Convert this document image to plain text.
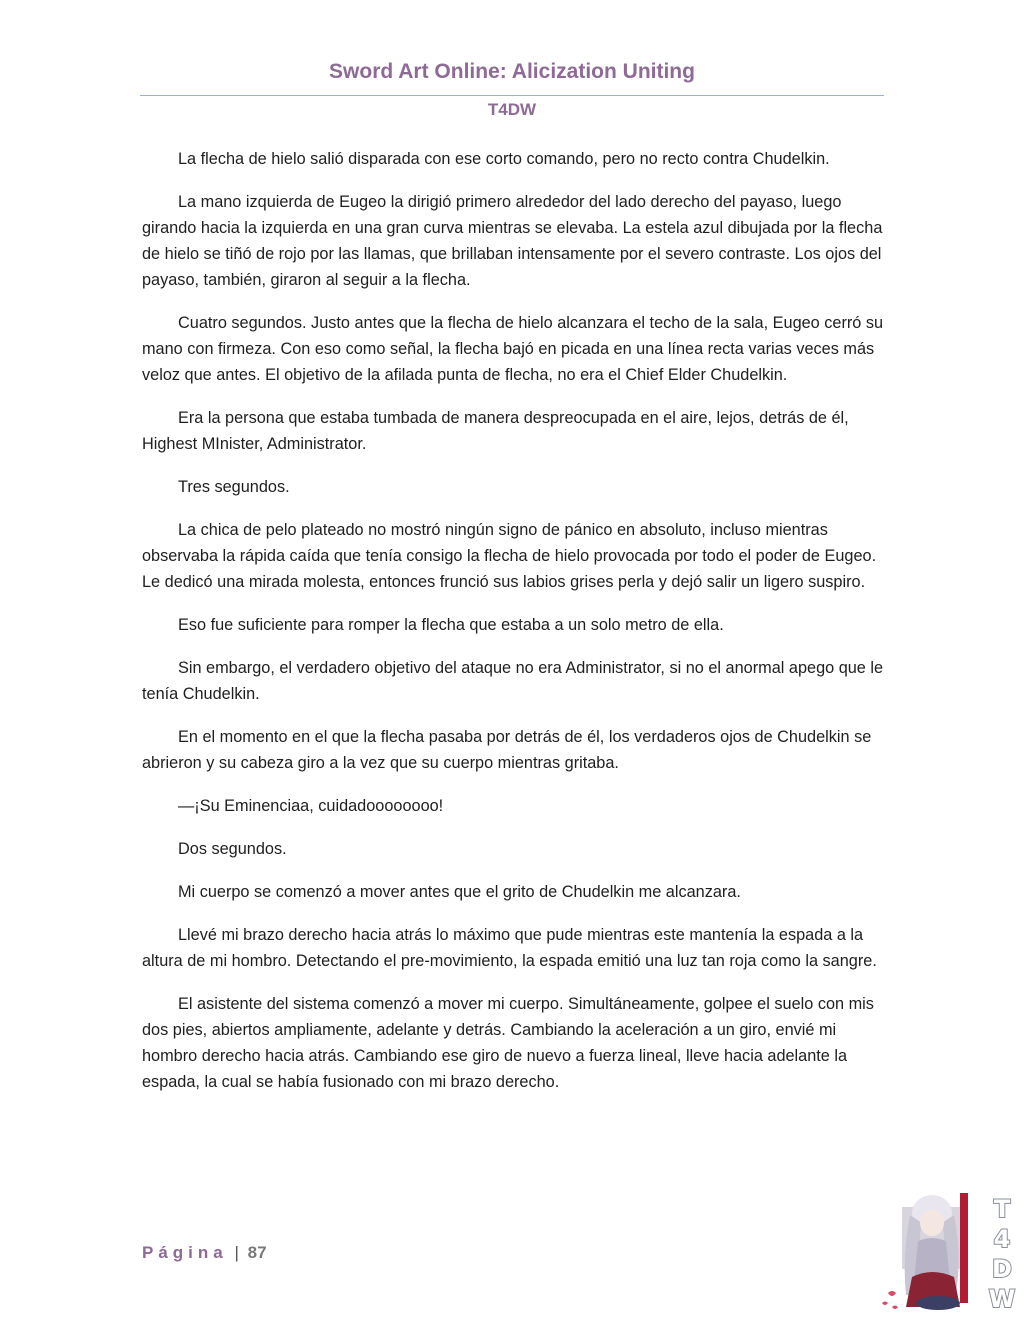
Sword Art Online: Alicization Uniting
T4DW

La flecha de hielo salió disparada con ese corto comando, pero no recto contra Chudelkin.

La mano izquierda de Eugeo la dirigió primero alrededor del lado derecho del payaso, luego girando hacia la izquierda en una gran curva mientras se elevaba. La estela azul dibujada por la flecha de hielo se tiñó de rojo por las llamas, que brillaban intensamente por el severo contraste. Los ojos del payaso, también, giraron al seguir a la flecha.

Cuatro segundos. Justo antes que la flecha de hielo alcanzara el techo de la sala, Eugeo cerró su mano con firmeza. Con eso como señal, la flecha bajó en picada en una línea recta varias veces más veloz que antes. El objetivo de la afilada punta de flecha, no era el Chief Elder Chudelkin.

Era la persona que estaba tumbada de manera despreocupada en el aire, lejos, detrás de él, Highest MInister, Administrator.

Tres segundos.

La chica de pelo plateado no mostró ningún signo de pánico en absoluto, incluso mientras observaba la rápida caída que tenía consigo la flecha de hielo provocada por todo el poder de Eugeo. Le dedicó una mirada molesta, entonces frunció sus labios grises perla y dejó salir un ligero suspiro.

Eso fue suficiente para romper la flecha que estaba a un solo metro de ella.

Sin embargo, el verdadero objetivo del ataque no era Administrator, si no el anormal apego que le tenía Chudelkin.

En el momento en el que la flecha pasaba por detrás de él, los verdaderos ojos de Chudelkin se abrieron y su cabeza giro a la vez que su cuerpo mientras gritaba.

—¡Su Eminenciaa, cuidadoooooooo!

Dos segundos.

Mi cuerpo se comenzó a mover antes que el grito de Chudelkin me alcanzara.

Llevé mi brazo derecho hacia atrás lo máximo que pude mientras este mantenía la espada a la altura de mi hombro. Detectando el pre-movimiento, la espada emitió una luz tan roja como la sangre.

El asistente del sistema comenzó a mover mi cuerpo. Simultáneamente, golpee el suelo con mis dos pies, abiertos ampliamente, adelante y detrás. Cambiando la aceleración a un giro, envié mi hombro derecho hacia atrás. Cambiando ese giro de nuevo a fuerza lineal, lleve hacia adelante la espada, la cual se había fusionado con mi brazo derecho.

Página | 87
T
4
D
W
